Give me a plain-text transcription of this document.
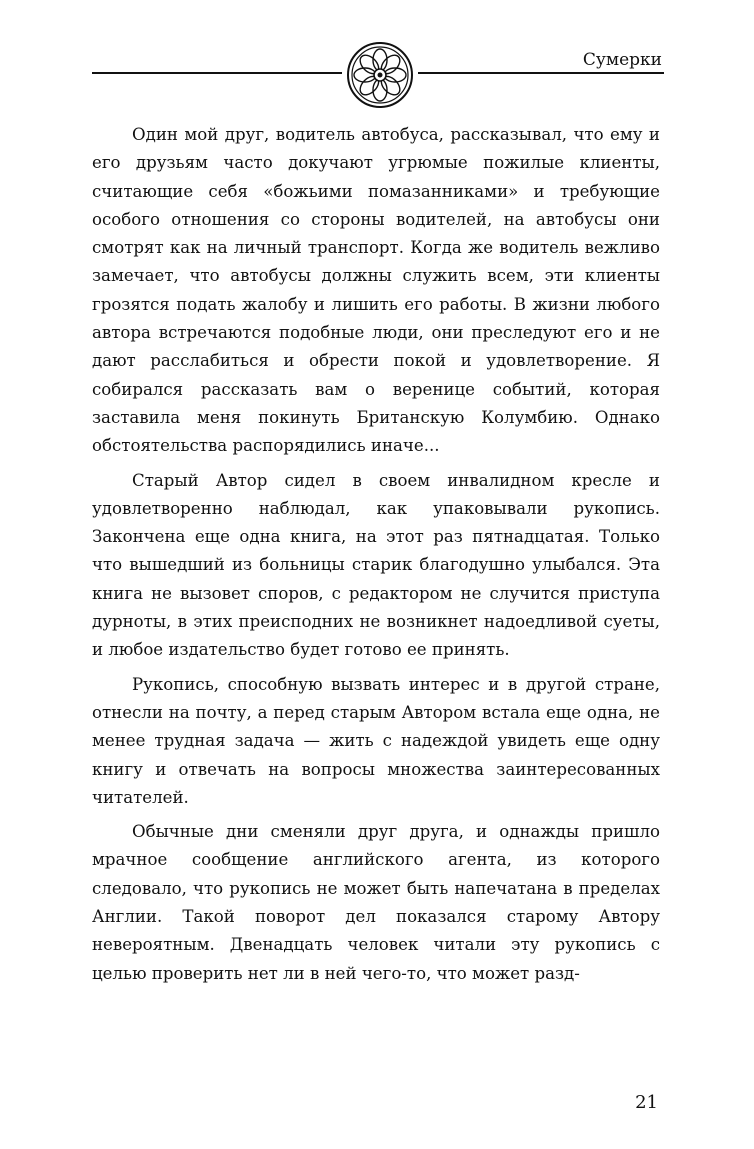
Сумерки

Один мой друг, водитель автобуса, рассказывал, что ему и его друзьям часто докучают угрюмые пожилые клиенты, считающие себя «божьими помазанниками» и требующие особого отношения со стороны водителей, на автобусы они смотрят как на личный транспорт. Когда же водитель вежливо замечает, что автобусы должны служить всем, эти клиенты грозятся подать жалобу и лишить его работы. В жизни любого автора встречаются подобные люди, они преследуют его и не дают расслабиться и обрести покой и удовлетворение. Я собирался рассказать вам о веренице событий, которая заставила меня покинуть Британскую Колумбию. Однако обстоятельства распорядились иначе...

Старый Автор сидел в своем инвалидном кресле и удовлетворенно наблюдал, как упаковывали рукопись. Закончена еще одна книга, на этот раз пятнадцатая. Только что вышедший из больницы старик благодушно улыбался. Эта книга не вызовет споров, с редактором не случится приступа дурноты, в этих преисподних не возникнет надоедливой суеты, и любое издательство будет готово ее принять.

Рукопись, способную вызвать интерес и в другой стране, отнесли на почту, а перед старым Автором встала еще одна, не менее трудная задача — жить с надеждой увидеть еще одну книгу и отвечать на вопросы множества заинтересованных читателей.

Обычные дни сменяли друг друга, и однажды пришло мрачное сообщение английского агента, из которого следовало, что рукопись не может быть напечатана в пределах Англии. Такой поворот дел показался старому Автору невероятным. Двенадцать человек читали эту рукопись с целью проверить нет ли в ней чего-то, что может разд-

21
